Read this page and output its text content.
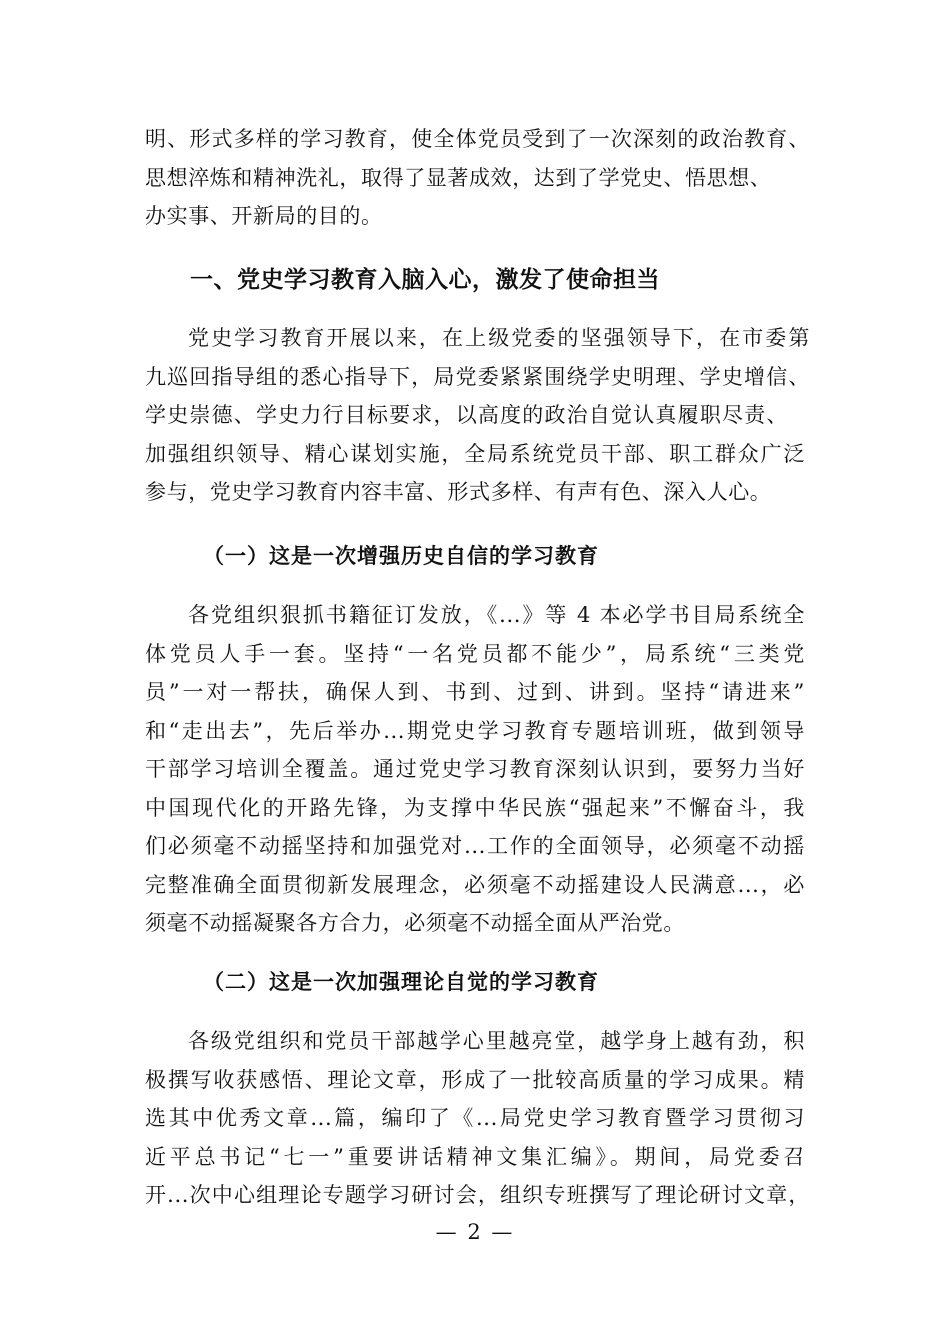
明、形式多样的学习教育，使全体党员受到了一次深刻的政治教育、
思想淬炼和精神洗礼，取得了显著成效，达到了学党史、悟思想、
办实事、开新局的目的。
一、党史学习教育入脑入心，激发了使命担当
党史学习教育开展以来，在上级党委的坚强领导下，在市委第
九巡回指导组的悉心指导下，局党委紧紧围绕学史明理、学史增信、
学史崇德、学史力行目标要求，以高度的政治自觉认真履职尽责、
加强组织领导、精心谋划实施，全局系统党员干部、职工群众广泛
参与，党史学习教育内容丰富、形式多样、有声有色、深入人心。
（一）这是一次增强历史自信的学习教育
各党组织狠抓书籍征订发放，《...》等 4 本必学书目局系统全
体党员人手一套。坚持“一名党员都不能少”，局系统“三类党
员”一对一帮扶，确保人到、书到、过到、讲到。坚持“请进来”
和“走出去”，先后举办...期党史学习教育专题培训班，做到领导
干部学习培训全覆盖。通过党史学习教育深刻认识到，要努力当好
中国现代化的开路先锋，为支撑中华民族“强起来”不懈奋斗，我
们必须毫不动摇坚持和加强党对...工作的全面领导，必须毫不动摇
完整准确全面贯彻新发展理念，必须毫不动摇建设人民满意...，必
须毫不动摇凝聚各方合力，必须毫不动摇全面从严治党。
（二）这是一次加强理论自觉的学习教育
各级党组织和党员干部越学心里越亮堂，越学身上越有劲，积
极撰写收获感悟、理论文章，形成了一批较高质量的学习成果。精
选其中优秀文章...篇，编印了《...局党史学习教育暨学习贯彻习
近平总书记“七一”重要讲话精神文集汇编》。期间，局党委召
开...次中心组理论专题学习研讨会，组织专班撰写了理论研讨文章，
— 2 —
